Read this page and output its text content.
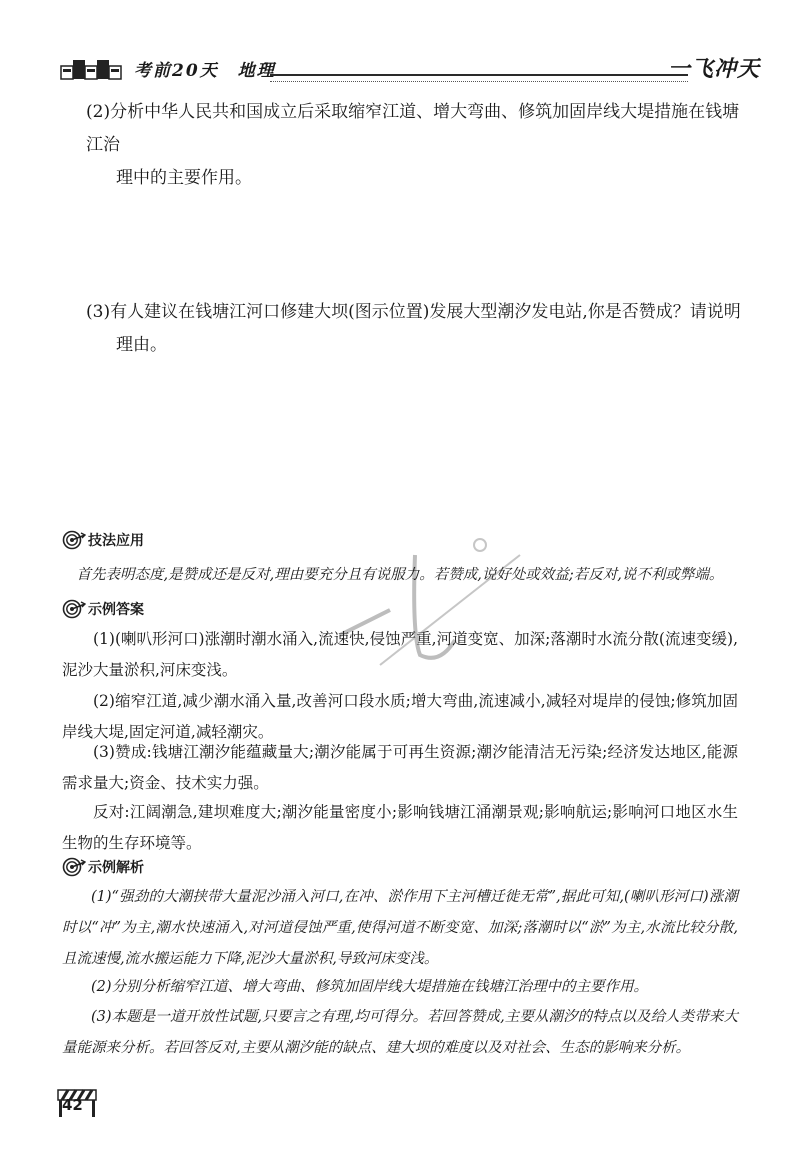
考前20天　地理	一飞冲天
(2)分析中华人民共和国成立后采取缩窄江道、增大弯曲、修筑加固岸线大堤措施在钱塘江治
理中的主要作用。
(3)有人建议在钱塘江河口修建大坝(图示位置)发展大型潮汐发电站,你是否赞成？请说明
理由。
技法应用
首先表明态度,是赞成还是反对,理由要充分且有说服力。若赞成,说好处或效益;若反对,说不利或弊端。
示例答案
(1)(喇叭形河口)涨潮时潮水涌入,流速快,侵蚀严重,河道变宽、加深;落潮时水流分散(流速变缓),泥沙大量淤积,河床变浅。
(2)缩窄江道,减少潮水涌入量,改善河口段水质;增大弯曲,流速减小,减轻对堤岸的侵蚀;修筑加固岸线大堤,固定河道,减轻潮灾。
(3)赞成:钱塘江潮汐能蕴藏量大;潮汐能属于可再生资源;潮汐能清洁无污染;经济发达地区,能源需求量大;资金、技术实力强。
反对:江阔潮急,建坝难度大;潮汐能量密度小;影响钱塘江涌潮景观;影响航运;影响河口地区水生生物的生存环境等。
示例解析
(1)“强劲的大潮挟带大量泥沙涌入河口,在冲、淤作用下主河槽迁徙无常”,据此可知,(喇叭形河口)涨潮时以“冲”为主,潮水快速涌入,对河道侵蚀严重,使得河道不断变宽、加深;落潮时以“淤”为主,水流比较分散,且流速慢,流水搬运能力下降,泥沙大量淤积,导致河床变浅。
(2)分别分析缩窄江道、增大弯曲、修筑加固岸线大堤措施在钱塘江治理中的主要作用。
(3)本题是一道开放性试题,只要言之有理,均可得分。若回答赞成,主要从潮汐的特点以及给人类带来大量能源来分析。若回答反对,主要从潮汐能的缺点、建大坝的难度以及对社会、生态的影响来分析。
42
